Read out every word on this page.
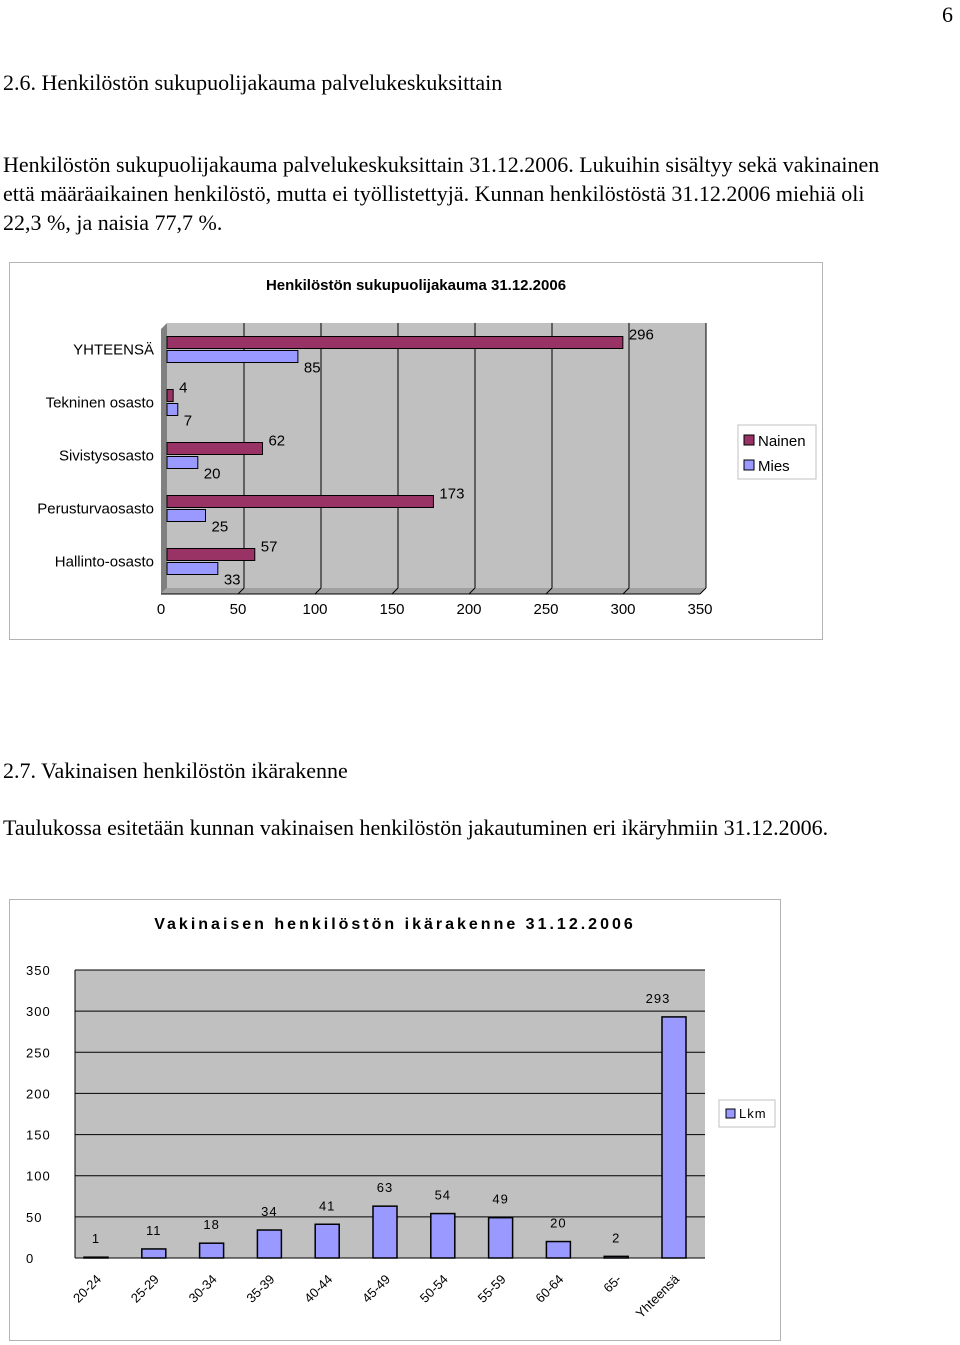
6
2.6. Henkilöstön sukupuolijakauma palvelukeskuksittain
Henkilöstön sukupuolijakauma palvelukeskuksittain 31.12.2006. Lukuihin sisältyy sekä vakinainen
että määräaikainen henkilöstö, mutta ei työllistettyjä. Kunnan henkilöstöstä 31.12.2006 miehiä oli
22,3 %, ja naisia 77,7 %.
Henkilöstön sukupuolijakauma 31.12.2006
0	50	100	150	200	250	300	350
YHTEENSÄ
296
85
Tekninen osasto
4
7
Sivistysosasto
62
20
Perusturvaosasto
173
25
Hallinto-osasto
57
33
Nainen
Mies
2.7. Vakinaisen henkilöstön ikärakenne
Taulukossa esitetään kunnan vakinaisen henkilöstön jakautuminen eri ikäryhmiin 31.12.2006.
Vakinaisen henkilöstön ikärakenne 31.12.2006
0
50
100
150
200
250
300
350
1
20-24
11
25-29
18
30-34
34
35-39
41
40-44
63
45-49
54
50-54
49
55-59
20
60-64
2
65-
293
Yhteensä
Lkm
